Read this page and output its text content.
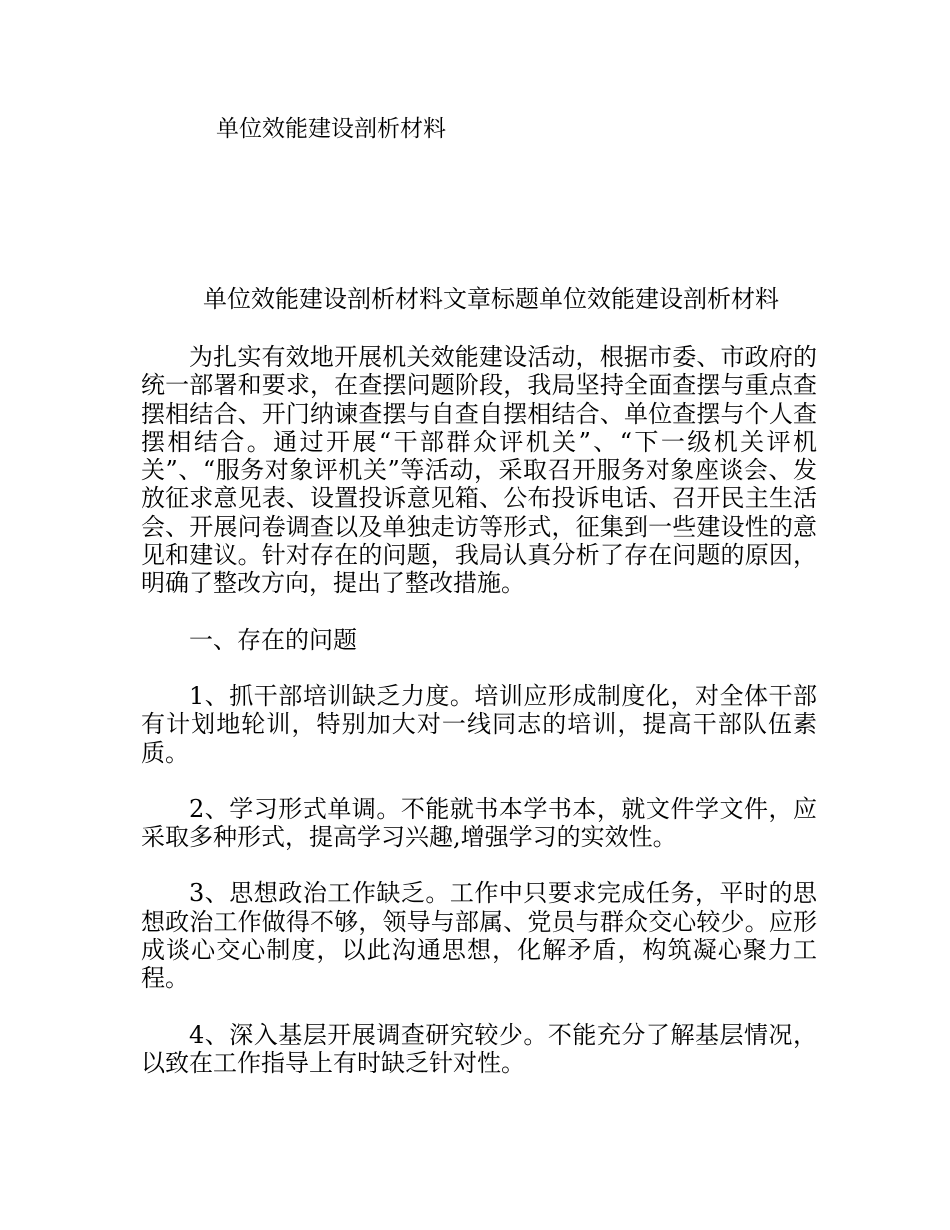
单位效能建设剖析材料

单位效能建设剖析材料文章标题单位效能建设剖析材料

为扎实有效地开展机关效能建设活动，根据市委、市政府的统一部署和要求，在查摆问题阶段，我局坚持全面查摆与重点查摆相结合、开门纳谏查摆与自查自摆相结合、单位查摆与个人查摆相结合。通过开展“干部群众评机关”、“下一级机关评机关”、“服务对象评机关”等活动，采取召开服务对象座谈会、发放征求意见表、设置投诉意见箱、公布投诉电话、召开民主生活会、开展问卷调查以及单独走访等形式，征集到一些建设性的意见和建议。针对存在的问题，我局认真分析了存在问题的原因，明确了整改方向，提出了整改措施。

一、存在的问题

1、抓干部培训缺乏力度。培训应形成制度化，对全体干部有计划地轮训，特别加大对一线同志的培训，提高干部队伍素质。

2、学习形式单调。不能就书本学书本，就文件学文件，应采取多种形式，提高学习兴趣,增强学习的实效性。

3、思想政治工作缺乏。工作中只要求完成任务，平时的思想政治工作做得不够，领导与部属、党员与群众交心较少。应形成谈心交心制度，以此沟通思想，化解矛盾，构筑凝心聚力工程。

4、深入基层开展调查研究较少。不能充分了解基层情况，以致在工作指导上有时缺乏针对性。
